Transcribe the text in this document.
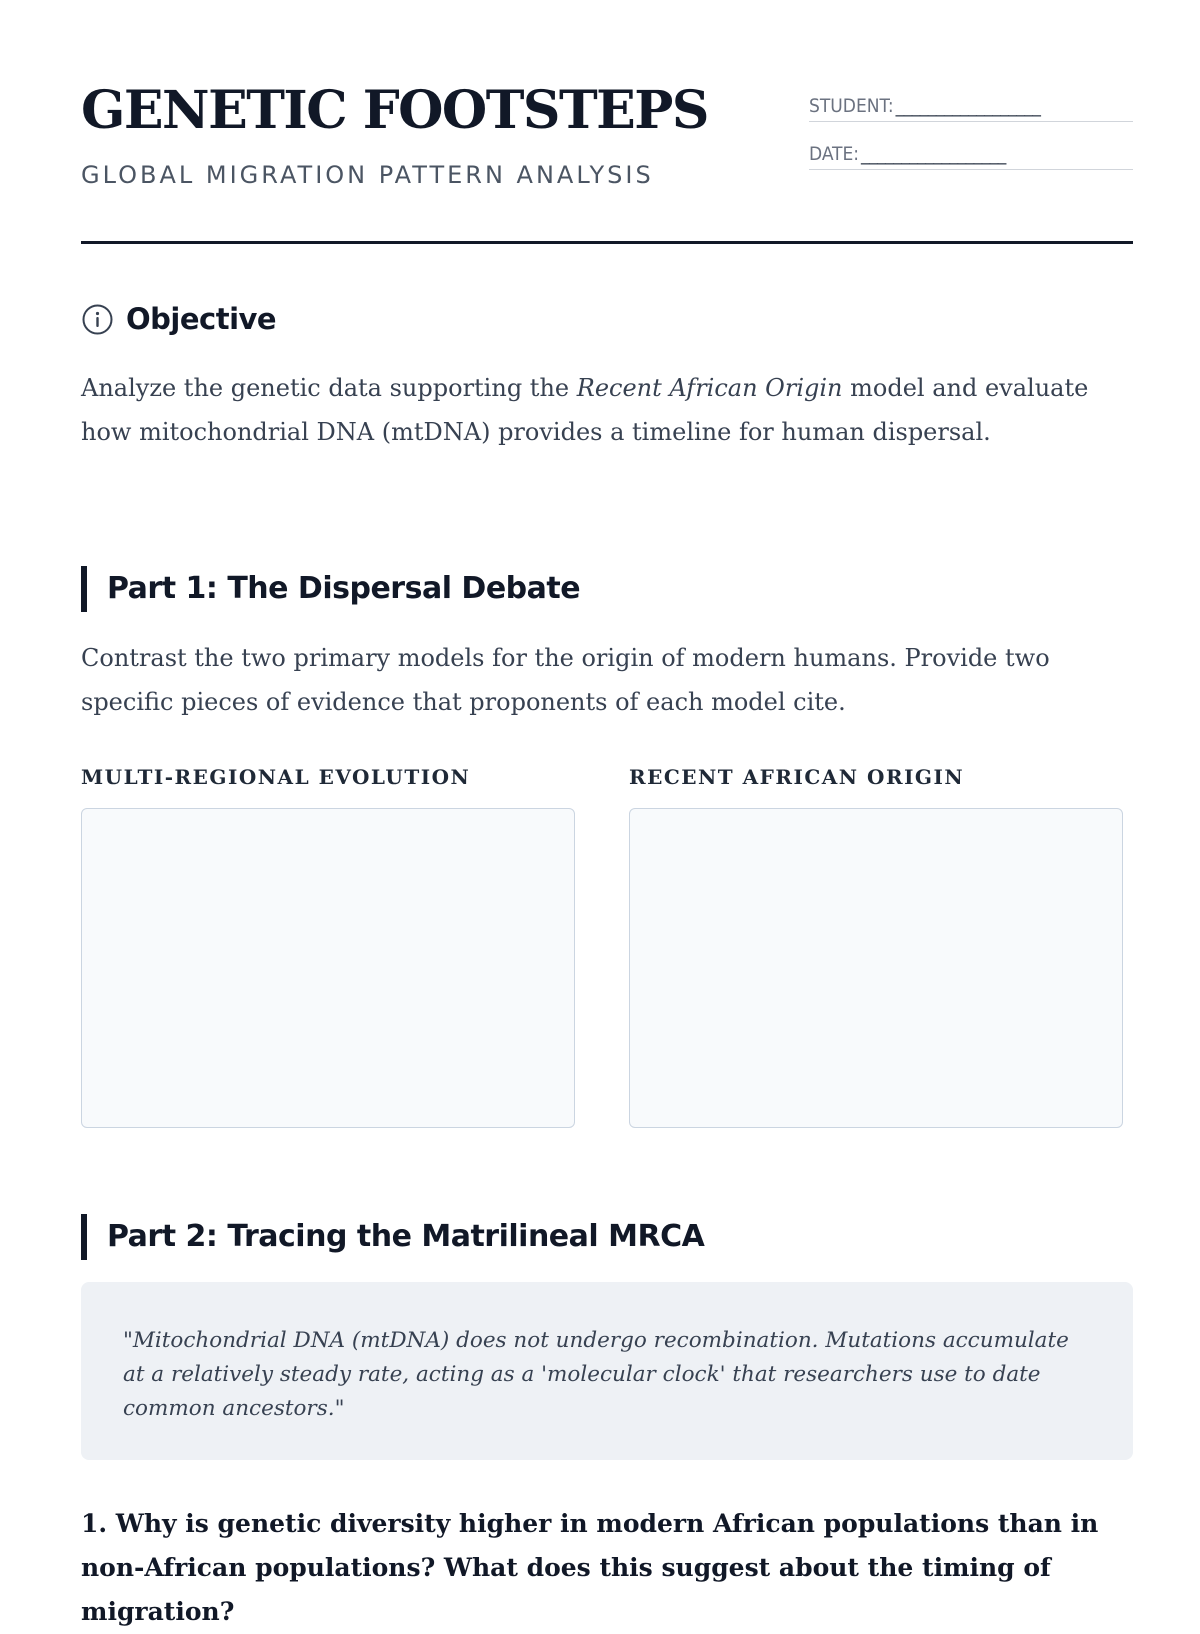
GENETIC FOOTSTEPS
GLOBAL MIGRATION PATTERN ANALYSIS
STUDENT: __________________
DATE: __________________
Objective

Analyze the genetic data supporting the Recent African Origin model and evaluate how mitochondrial DNA (mtDNA) provides a timeline for human dispersal.

Part 1: The Dispersal Debate

Contrast the two primary models for the origin of modern humans. Provide two specific pieces of evidence that proponents of each model cite.

MULTI-REGIONAL EVOLUTION	RECENT AFRICAN ORIGIN
Part 2: Tracing the Matrilineal MRCA
"Mitochondrial DNA (mtDNA) does not undergo recombination. Mutations accumulate at a relatively steady rate, acting as a 'molecular clock' that researchers use to date common ancestors."

1. Why is genetic diversity higher in modern African populations than in non-African populations? What does this suggest about the timing of migration?
